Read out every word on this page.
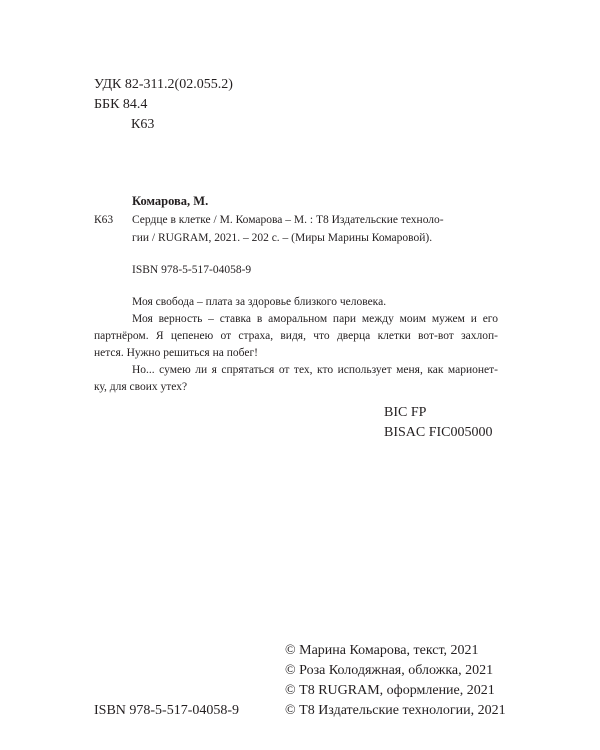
УДК 82-311.2(02.055.2)
ББК 84.4
К63
Комарова, М.
К63 Сердце в клетке / М. Комарова – М. : Т8 Издательские техноло-
гии / RUGRAM, 2021. – 202 с. – (Миры Марины Комаровой).
ISBN 978-5-517-04058-9
Моя свобода – плата за здоровье близкого человека.
Моя верность – ставка в аморальном пари между моим мужем и его
партнёром. Я цепенею от страха, видя, что дверца клетки вот-вот захлоп-
нется. Нужно решиться на побег!
Но... сумею ли я спрятаться от тех, кто использует меня, как марионет-
ку, для своих утех?
BIC FP
BISAC FIC005000
© Марина Комарова, текст, 2021
© Роза Колодяжная, обложка, 2021
© Т8 RUGRAM, оформление, 2021
ISBN 978-5-517-04058-9	© Т8 Издательские технологии, 2021
